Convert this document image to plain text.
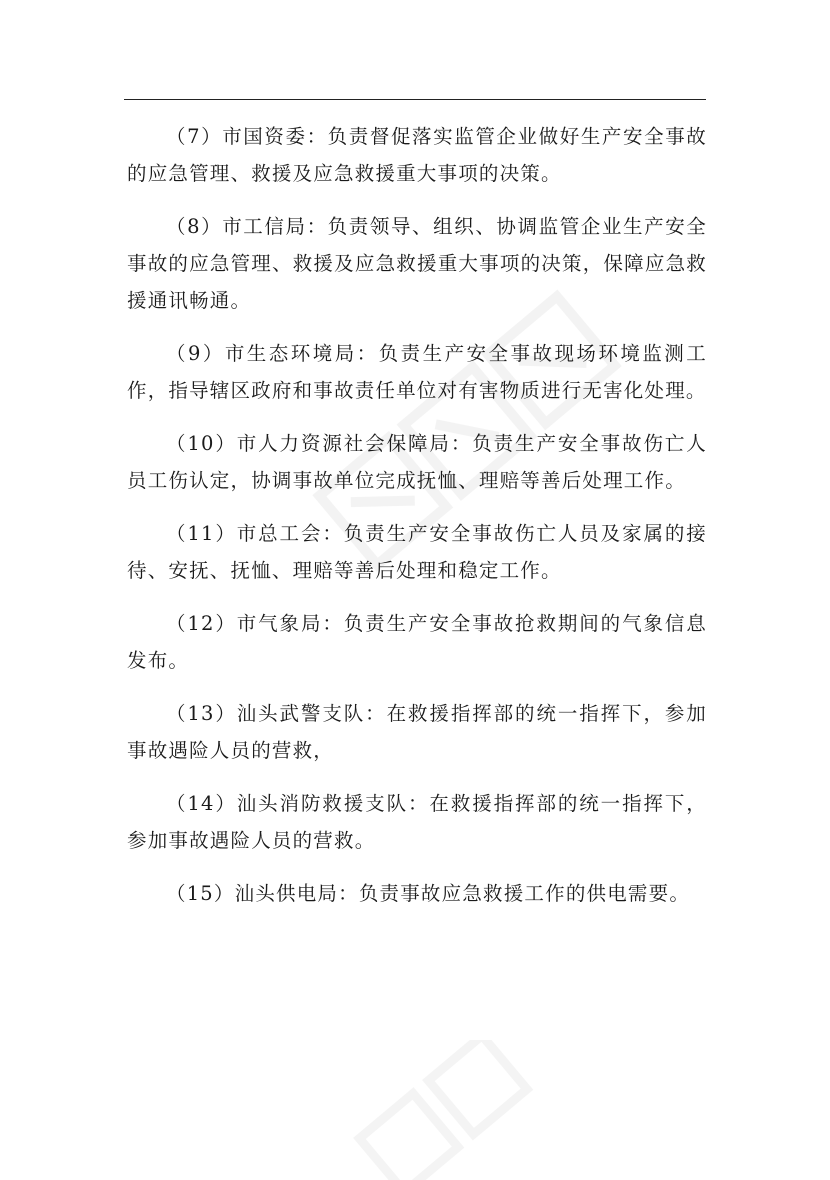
（7）市国资委：负责督促落实监管企业做好生产安全事故的应急管理、救援及应急救援重大事项的决策。

（8）市工信局：负责领导、组织、协调监管企业生产安全事故的应急管理、救援及应急救援重大事项的决策，保障应急救援通讯畅通。

（9）市生态环境局：负责生产安全事故现场环境监测工作，指导辖区政府和事故责任单位对有害物质进行无害化处理。

（10）市人力资源社会保障局：负责生产安全事故伤亡人员工伤认定，协调事故单位完成抚恤、理赔等善后处理工作。

（11）市总工会：负责生产安全事故伤亡人员及家属的接待、安抚、抚恤、理赔等善后处理和稳定工作。

（12）市气象局：负责生产安全事故抢救期间的气象信息发布。

（13）汕头武警支队：在救援指挥部的统一指挥下，参加事故遇险人员的营救，

（14）汕头消防救援支队：在救援指挥部的统一指挥下，参加事故遇险人员的营救。

（15）汕头供电局：负责事故应急救援工作的供电需要。
